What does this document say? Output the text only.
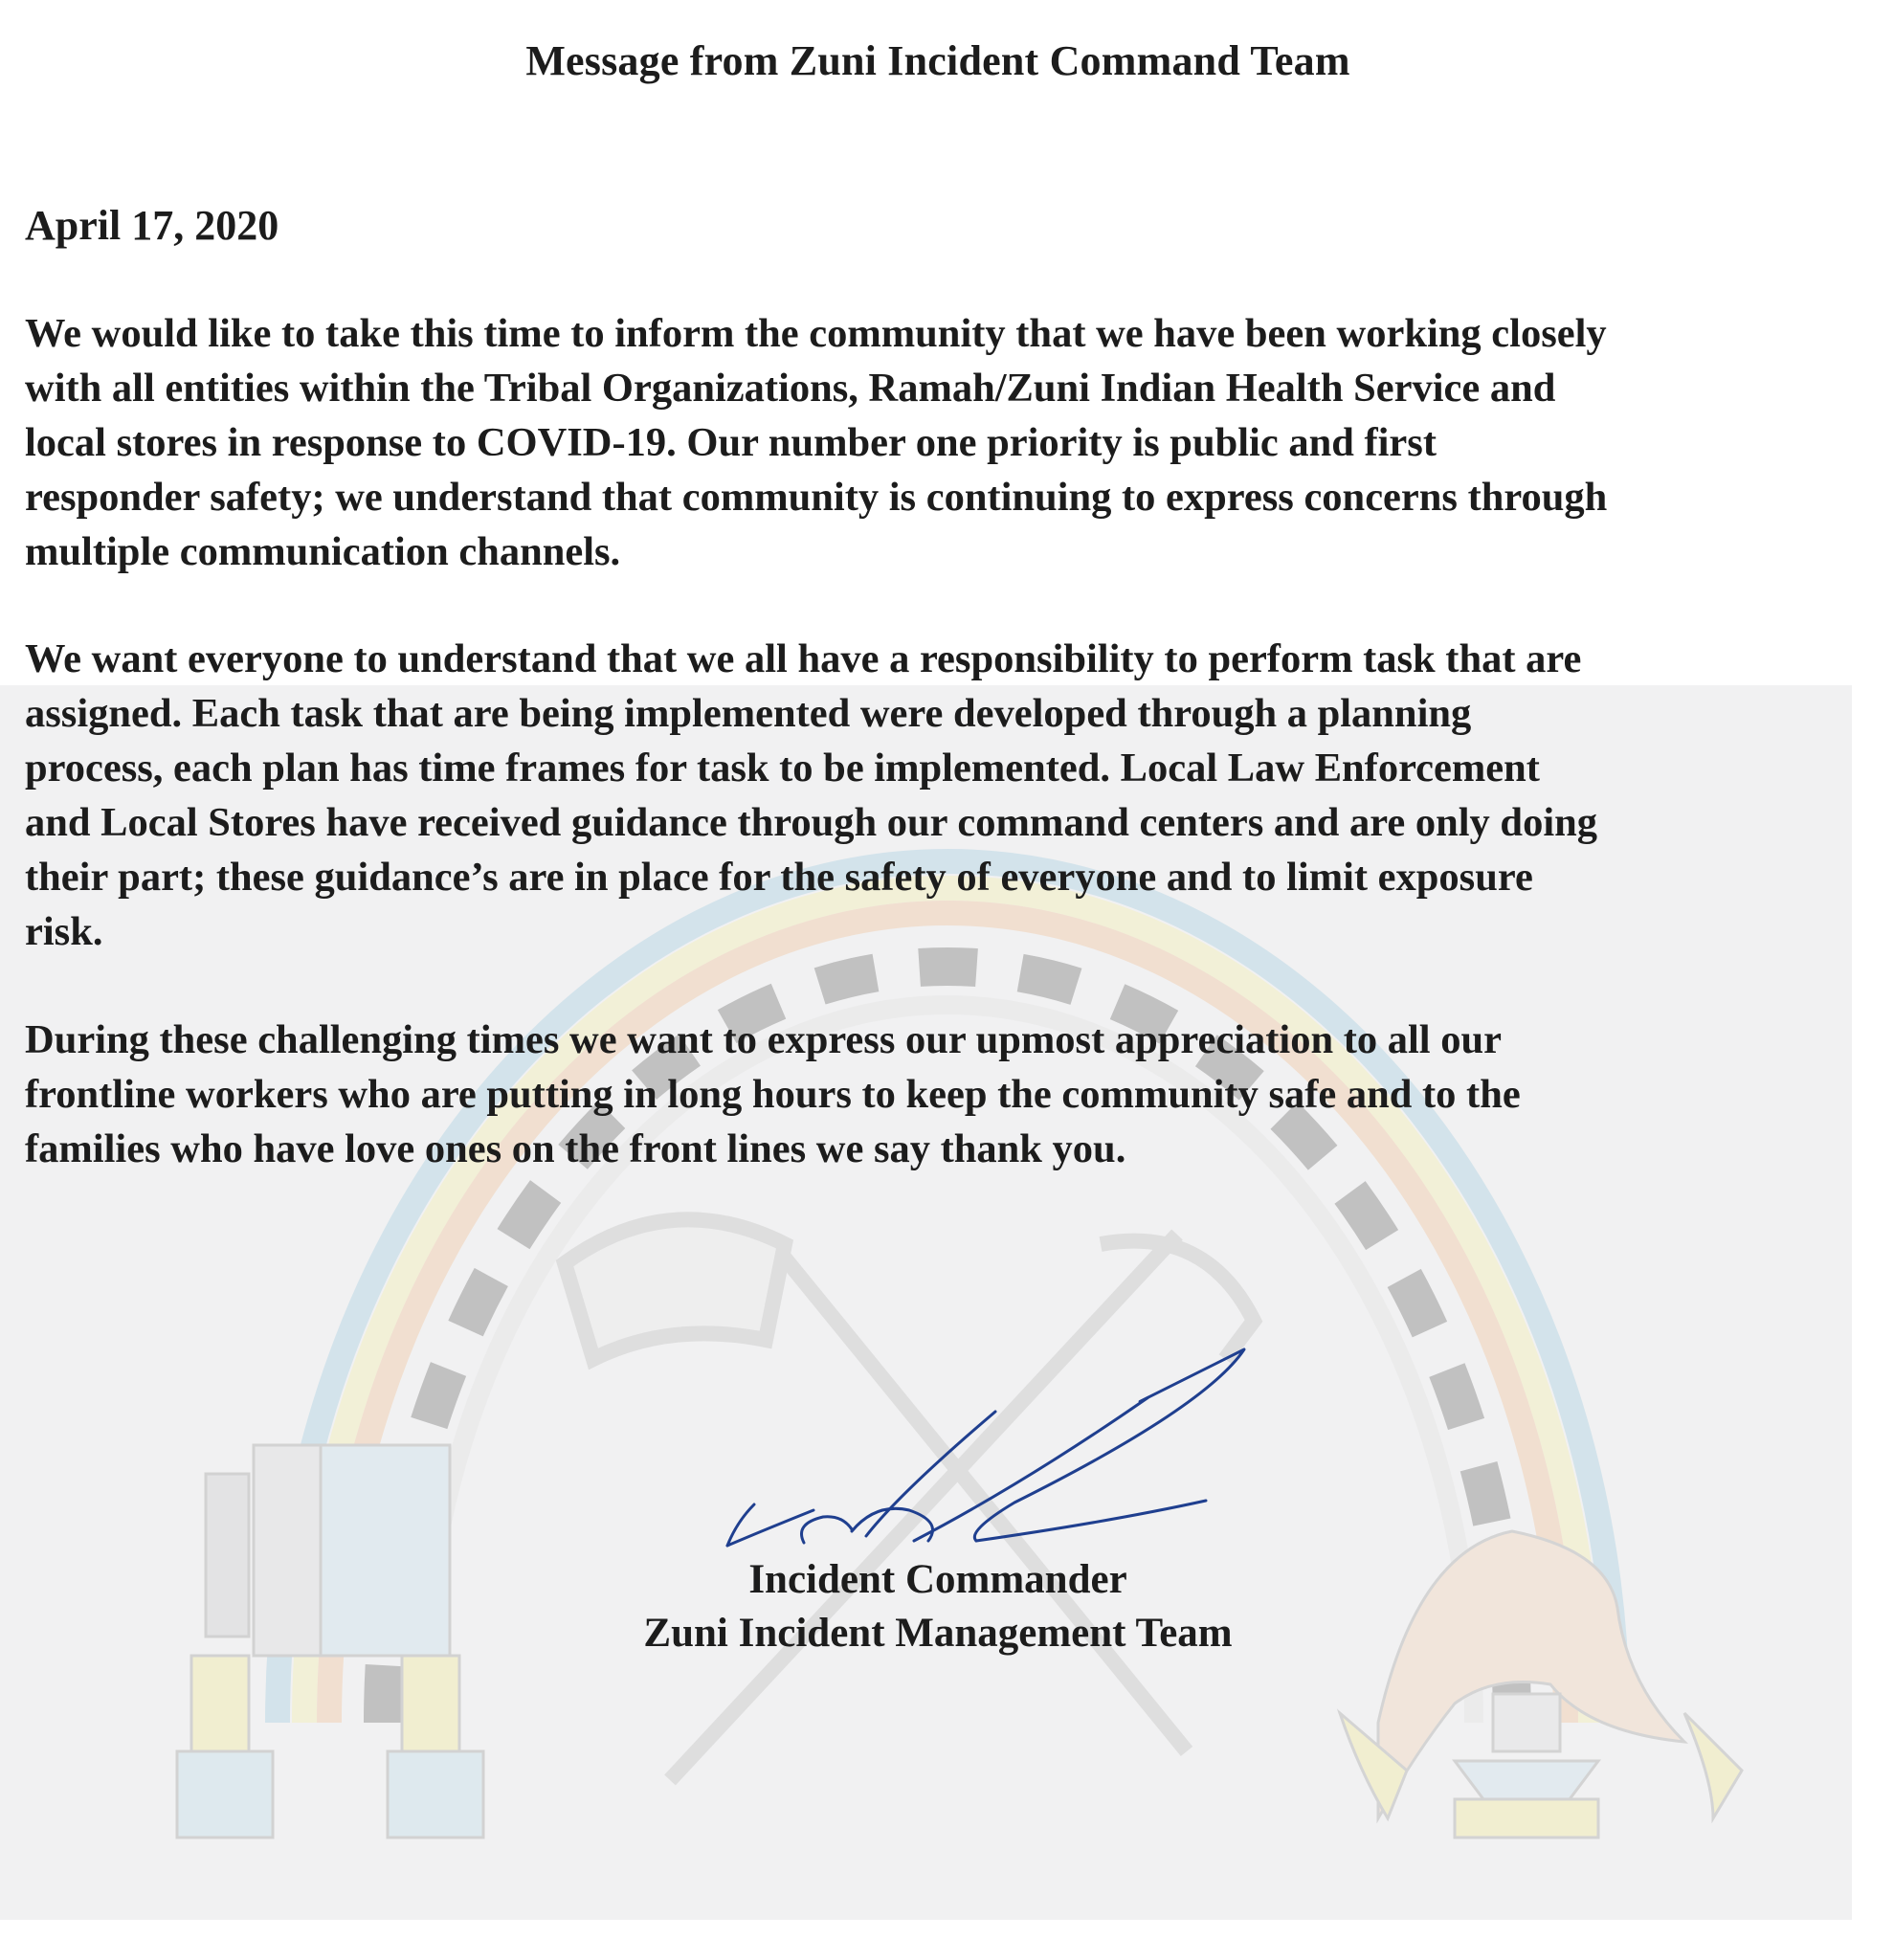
Message from Zuni Incident Command Team
April 17, 2020

We would like to take this time to inform the community that we have been working closely
with all entities within the Tribal Organizations, Ramah/Zuni Indian Health Service and
local stores in response to COVID-19. Our number one priority is public and first
responder safety; we understand that community is continuing to express concerns through
multiple communication channels.

We want everyone to understand that we all have a responsibility to perform task that are
assigned. Each task that are being implemented were developed through a planning
process, each plan has time frames for task to be implemented. Local Law Enforcement
and Local Stores have received guidance through our command centers and are only doing
their part; these guidance’s are in place for the safety of everyone and to limit exposure
risk.

During these challenging times we want to express our upmost appreciation to all our
frontline workers who are putting in long hours to keep the community safe and to the
families who have love ones on the front lines we say thank you.

Incident Commander
Zuni Incident Management Team
